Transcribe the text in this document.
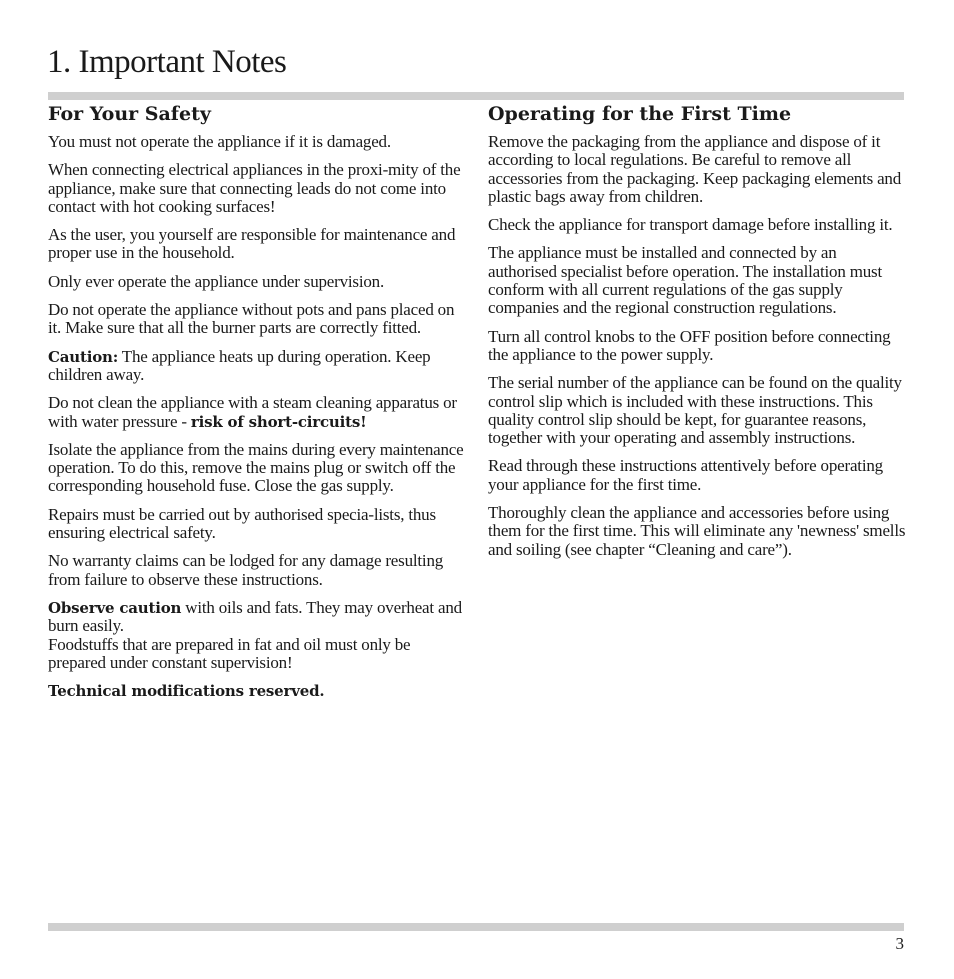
1. Important Notes
For Your Safety

You must not operate the appliance if it is damaged.

When connecting electrical appliances in the proxi-mity of the appliance, make sure that connecting leads do not come into contact with hot cooking surfaces!

As the user, you yourself are responsible for maintenance and proper use in the household.

Only ever operate the appliance under supervision.

Do not operate the appliance without pots and pans placed on it. Make sure that all the burner parts are correctly fitted.

Caution: The appliance heats up during operation. Keep children away.

Do not clean the appliance with a steam cleaning apparatus or with water pressure - risk of short-circuits!

Isolate the appliance from the mains during every maintenance operation. To do this, remove the mains plug or switch off the corresponding household fuse. Close the gas supply.

Repairs must be carried out by authorised specia-lists, thus ensuring electrical safety.

No warranty claims can be lodged for any damage resulting from failure to observe these instructions.

Observe caution with oils and fats. They may overheat and burn easily.
Foodstuffs that are prepared in fat and oil must only be prepared under constant supervision!

Technical modifications reserved.

Operating for the First Time

Remove the packaging from the appliance and dispose of it according to local regulations. Be careful to remove all accessories from the packaging. Keep packaging elements and plastic bags away from children.

Check the appliance for transport damage before installing it.

The appliance must be installed and connected by an authorised specialist before operation. The installation must conform with all current regulations of the gas supply companies and the regional construction regulations.

Turn all control knobs to the OFF position before connecting the appliance to the power supply.

The serial number of the appliance can be found on the quality control slip which is included with these instructions. This quality control slip should be kept, for guarantee reasons, together with your operating and assembly instructions.

Read through these instructions attentively before operating your appliance for the first time.

Thoroughly clean the appliance and accessories before using them for the first time. This will eliminate any 'newness' smells and soiling (see chapter “Cleaning and care”).

3
